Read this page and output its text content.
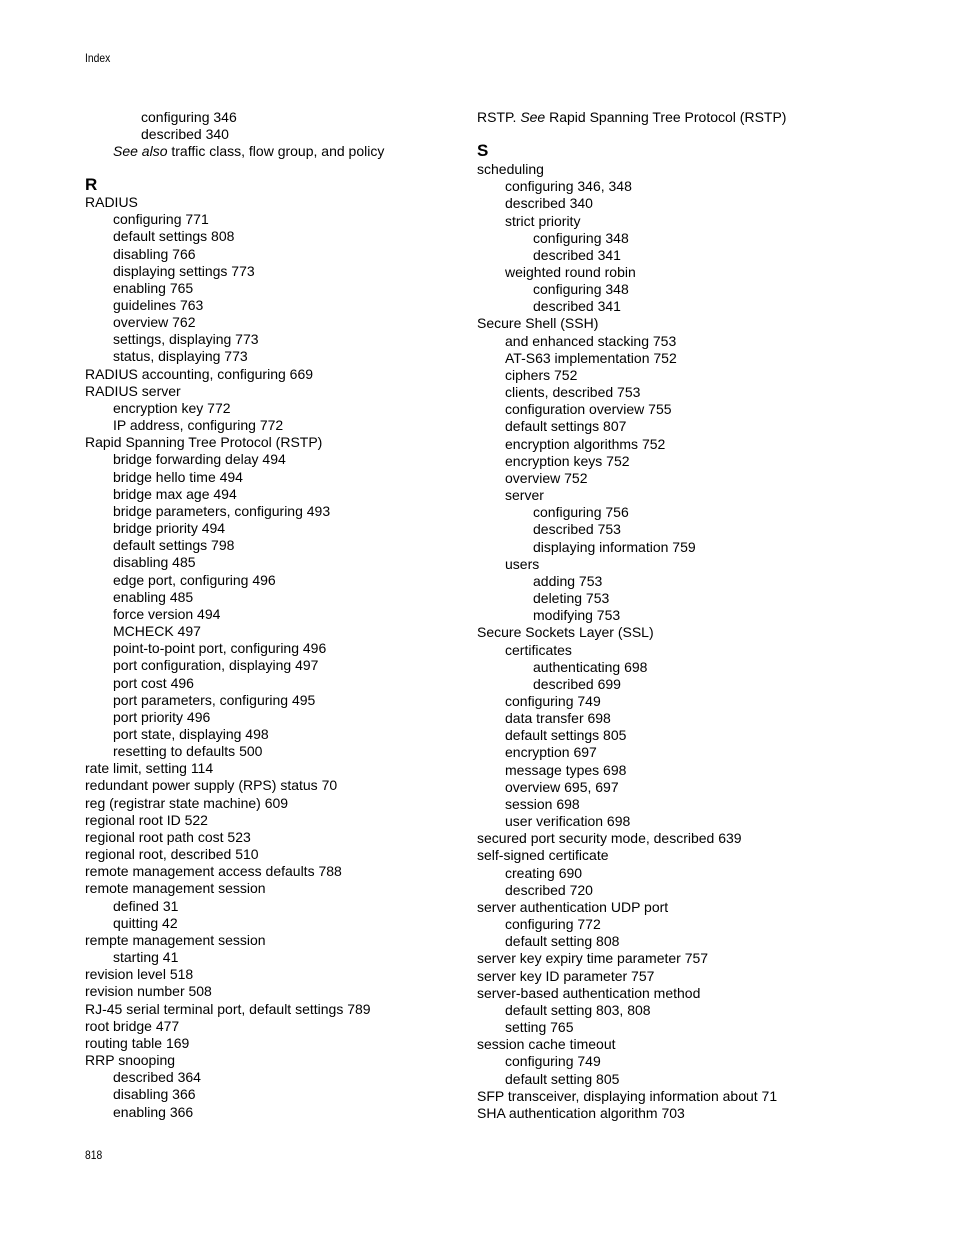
Index
configuring 346
described 340
See also traffic class, flow group, and policy
R
RADIUS
configuring 771
default settings 808
disabling 766
displaying settings 773
enabling 765
guidelines 763
overview 762
settings, displaying 773
status, displaying 773
RADIUS accounting, configuring 669
RADIUS server
encryption key 772
IP address, configuring 772
Rapid Spanning Tree Protocol (RSTP)
bridge forwarding delay 494
bridge hello time 494
bridge max age 494
bridge parameters, configuring 493
bridge priority 494
default settings 798
disabling 485
edge port, configuring 496
enabling 485
force version 494
MCHECK 497
point-to-point port, configuring 496
port configuration, displaying 497
port cost 496
port parameters, configuring 495
port priority 496
port state, displaying 498
resetting to defaults 500
rate limit, setting 114
redundant power supply (RPS) status 70
reg (registrar state machine) 609
regional root ID 522
regional root path cost 523
regional root, described 510
remote management access defaults 788
remote management session
defined 31
quitting 42
rempte management session
starting 41
revision level 518
revision number 508
RJ-45 serial terminal port, default settings 789
root bridge 477
routing table 169
RRP snooping
described 364
disabling 366
enabling 366
RSTP. See Rapid Spanning Tree Protocol (RSTP)
S
scheduling
configuring 346, 348
described 340
strict priority
configuring 348
described 341
weighted round robin
configuring 348
described 341
Secure Shell (SSH)
and enhanced stacking 753
AT-S63 implementation 752
ciphers 752
clients, described 753
configuration overview 755
default settings 807
encryption algorithms 752
encryption keys 752
overview 752
server
configuring 756
described 753
displaying information 759
users
adding 753
deleting 753
modifying 753
Secure Sockets Layer (SSL)
certificates
authenticating 698
described 699
configuring 749
data transfer 698
default settings 805
encryption 697
message types 698
overview 695, 697
session 698
user verification 698
secured port security mode, described 639
self-signed certificate
creating 690
described 720
server authentication UDP port
configuring 772
default setting 808
server key expiry time parameter 757
server key ID parameter 757
server-based authentication method
default setting 803, 808
setting 765
session cache timeout
configuring 749
default setting 805
SFP transceiver, displaying information about 71
SHA authentication algorithm 703
818
